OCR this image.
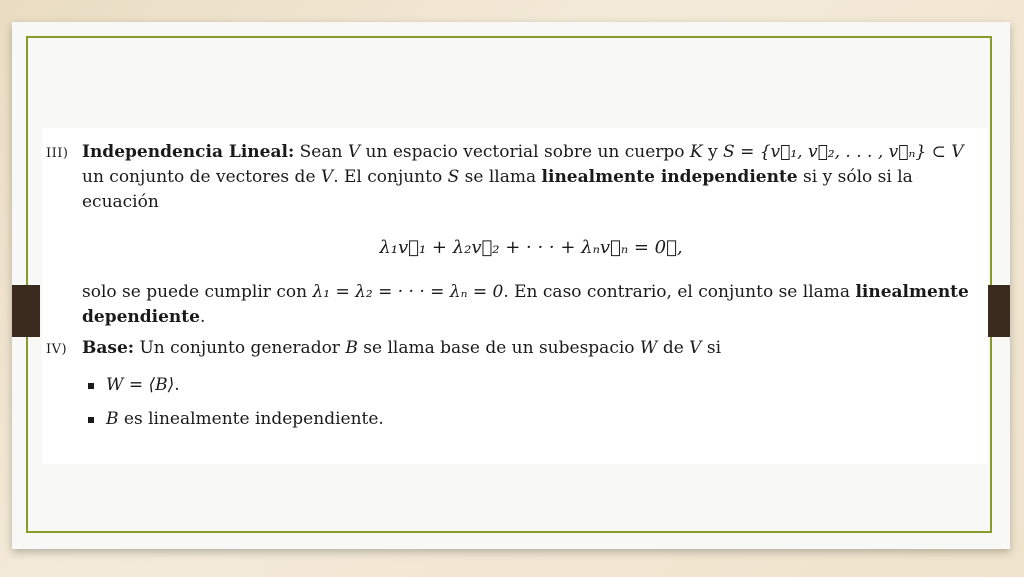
III) Independencia Lineal: Sean V un espacio vectorial sobre un cuerpo K y S = {v⃗₁, v⃗₂, . . . , v⃗ₙ} ⊂ V un conjunto de vectores de V. El conjunto S se llama linealmente independiente si y sólo si la ecuación
λ₁v⃗₁ + λ₂v⃗₂ + · · · + λₙv⃗ₙ = 0⃗,
solo se puede cumplir con λ₁ = λ₂ = · · · = λₙ = 0. En caso contrario, el conjunto se llama linealmente dependiente.
IV) Base: Un conjunto generador B se llama base de un subespacio W de V si
W = ⟨B⟩.
B es linealmente independiente.
